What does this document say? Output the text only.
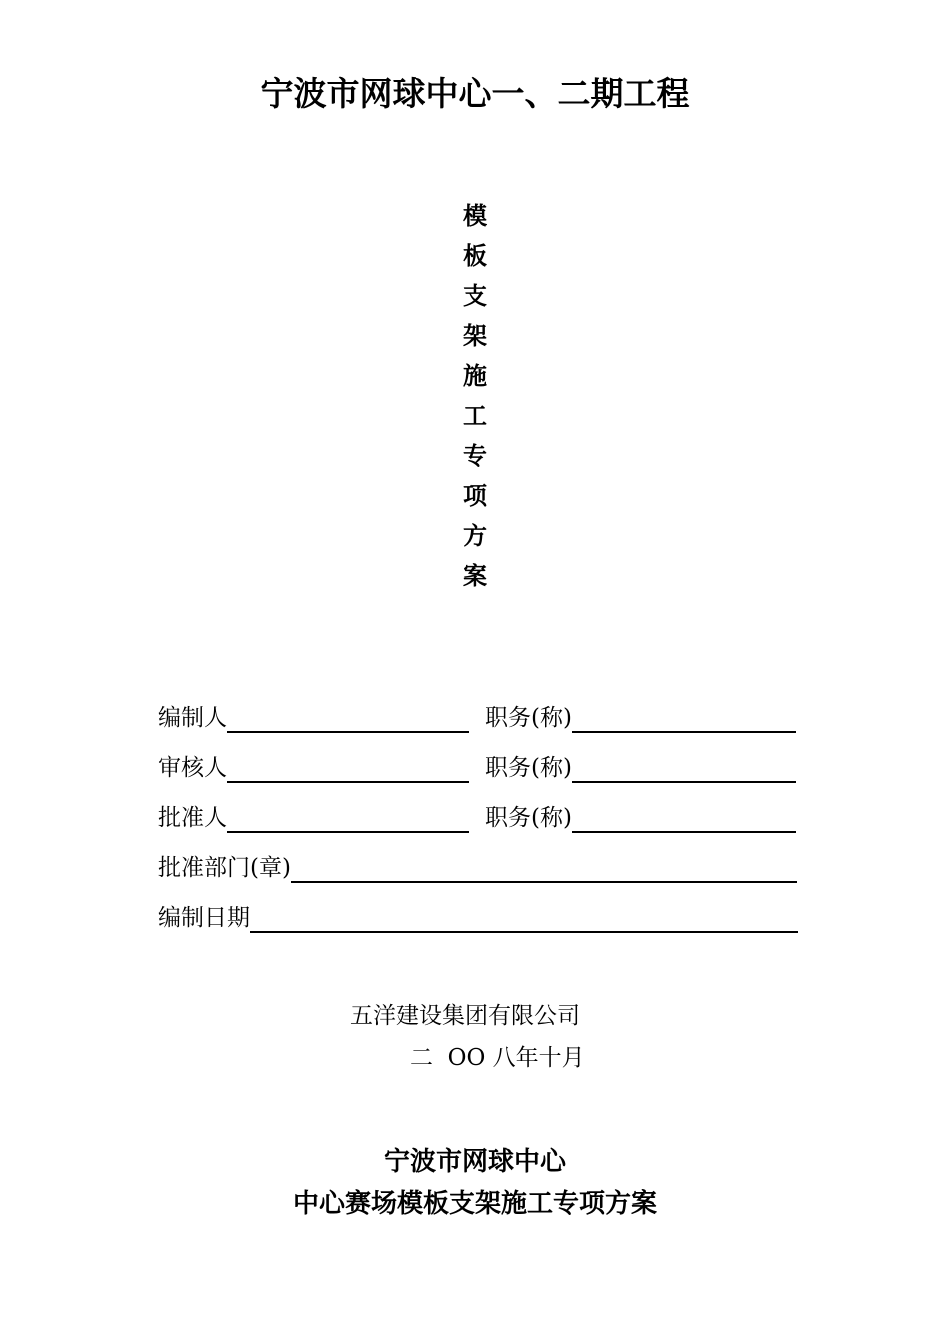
宁波市网球中心一、二期工程
模
板
支
架
施
工
专
项
方
案
编制人	职务(称)
审核人	职务(称)
批准人	职务(称)
批准部门(章)
编制日期
五洋建设集团有限公司
二  OO 八年十月
宁波市网球中心
中心赛场模板支架施工专项方案
